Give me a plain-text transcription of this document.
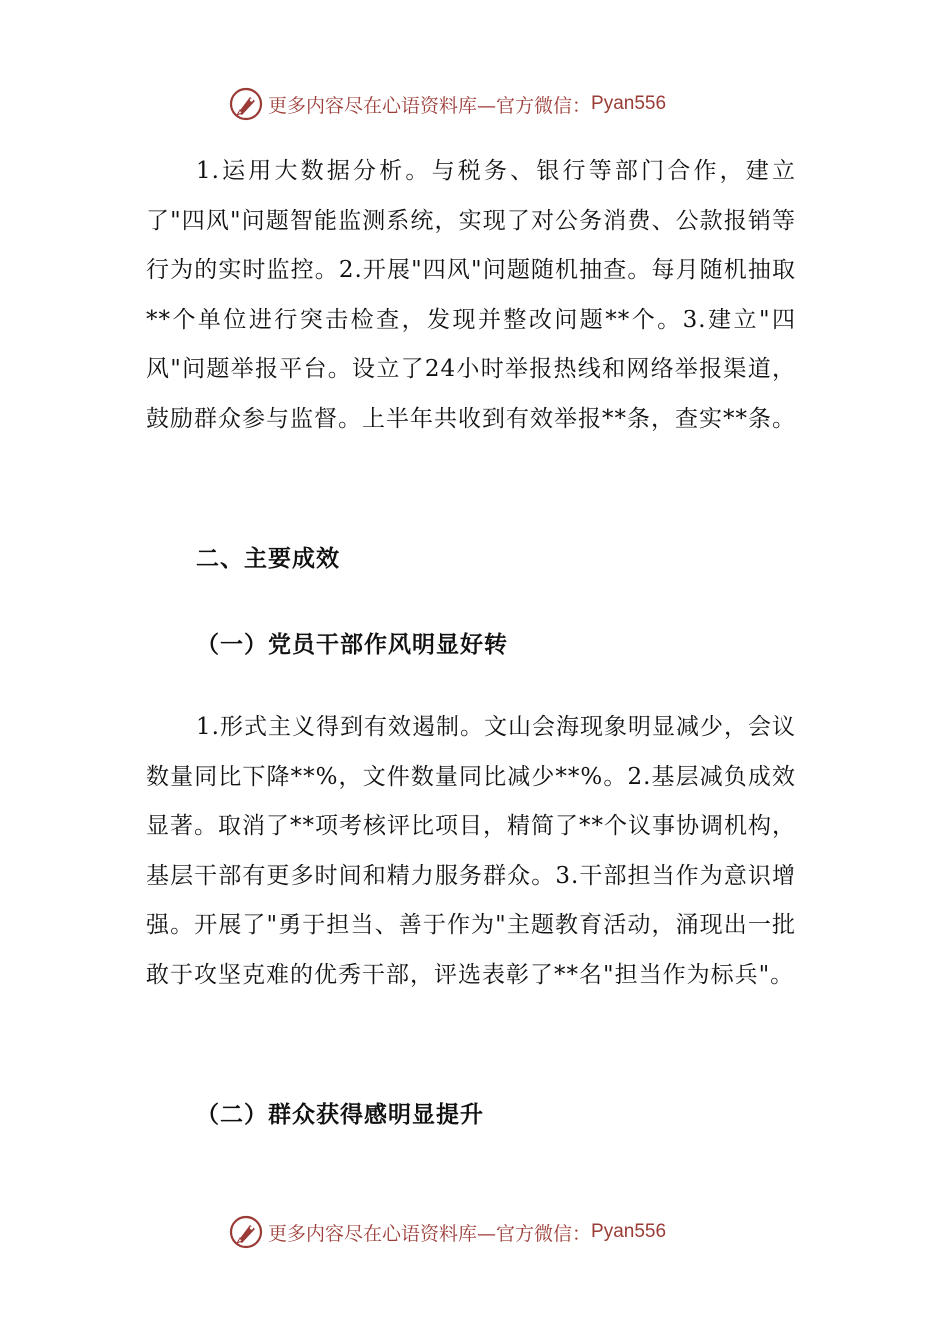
更多内容尽在心语资料库—官方微信： Pyan556

1.运用大数据分析。与税务、银行等部门合作，建立了"四风"问题智能监测系统，实现了对公务消费、公款报销等行为的实时监控。2.开展"四风"问题随机抽查。每月随机抽取**个单位进行突击检查，发现并整改问题**个。3.建立"四风"问题举报平台。设立了24小时举报热线和网络举报渠道，鼓励群众参与监督。上半年共收到有效举报**条，查实**条。

二、主要成效
（一）党员干部作风明显好转

1.形式主义得到有效遏制。文山会海现象明显减少，会议数量同比下降**%，文件数量同比减少**%。2.基层减负成效显著。取消了**项考核评比项目，精简了**个议事协调机构，基层干部有更多时间和精力服务群众。3.干部担当作为意识增强。开展了"勇于担当、善于作为"主题教育活动，涌现出一批敢于攻坚克难的优秀干部，评选表彰了**名"担当作为标兵"。

（二）群众获得感明显提升
更多内容尽在心语资料库—官方微信： Pyan556
